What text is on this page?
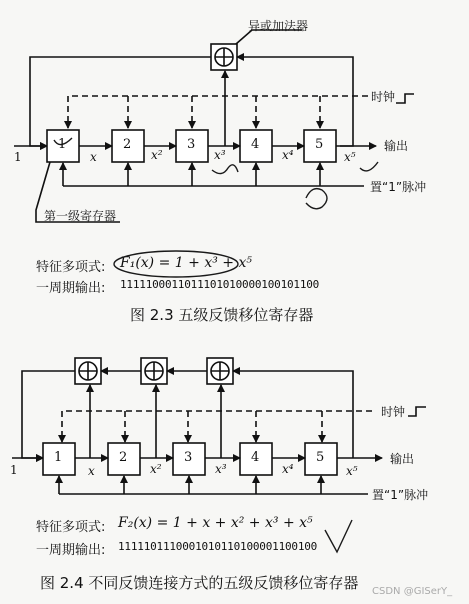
异或加法器
时钟
输出
置“1”脉冲
第一级寄存器
1
1	2	3	4	5
x	x²	x³	x⁴	x⁵
特征多项式: F₁(x) = 1 + x³ + x⁵
一周期输出: 1111100011011101010000100101100
图 2.3 五级反馈移位寄存器
时钟
输出
置“1”脉冲
1
1	2	3	4	5
x	x²	x³	x⁴	x⁵
特征多项式: F₂(x) = 1 + x + x² + x³ + x⁵
一周期输出: 1111101110001010110100001100100
图 2.4 不同反馈连接方式的五级反馈移位寄存器 CSDN @GISerY_
